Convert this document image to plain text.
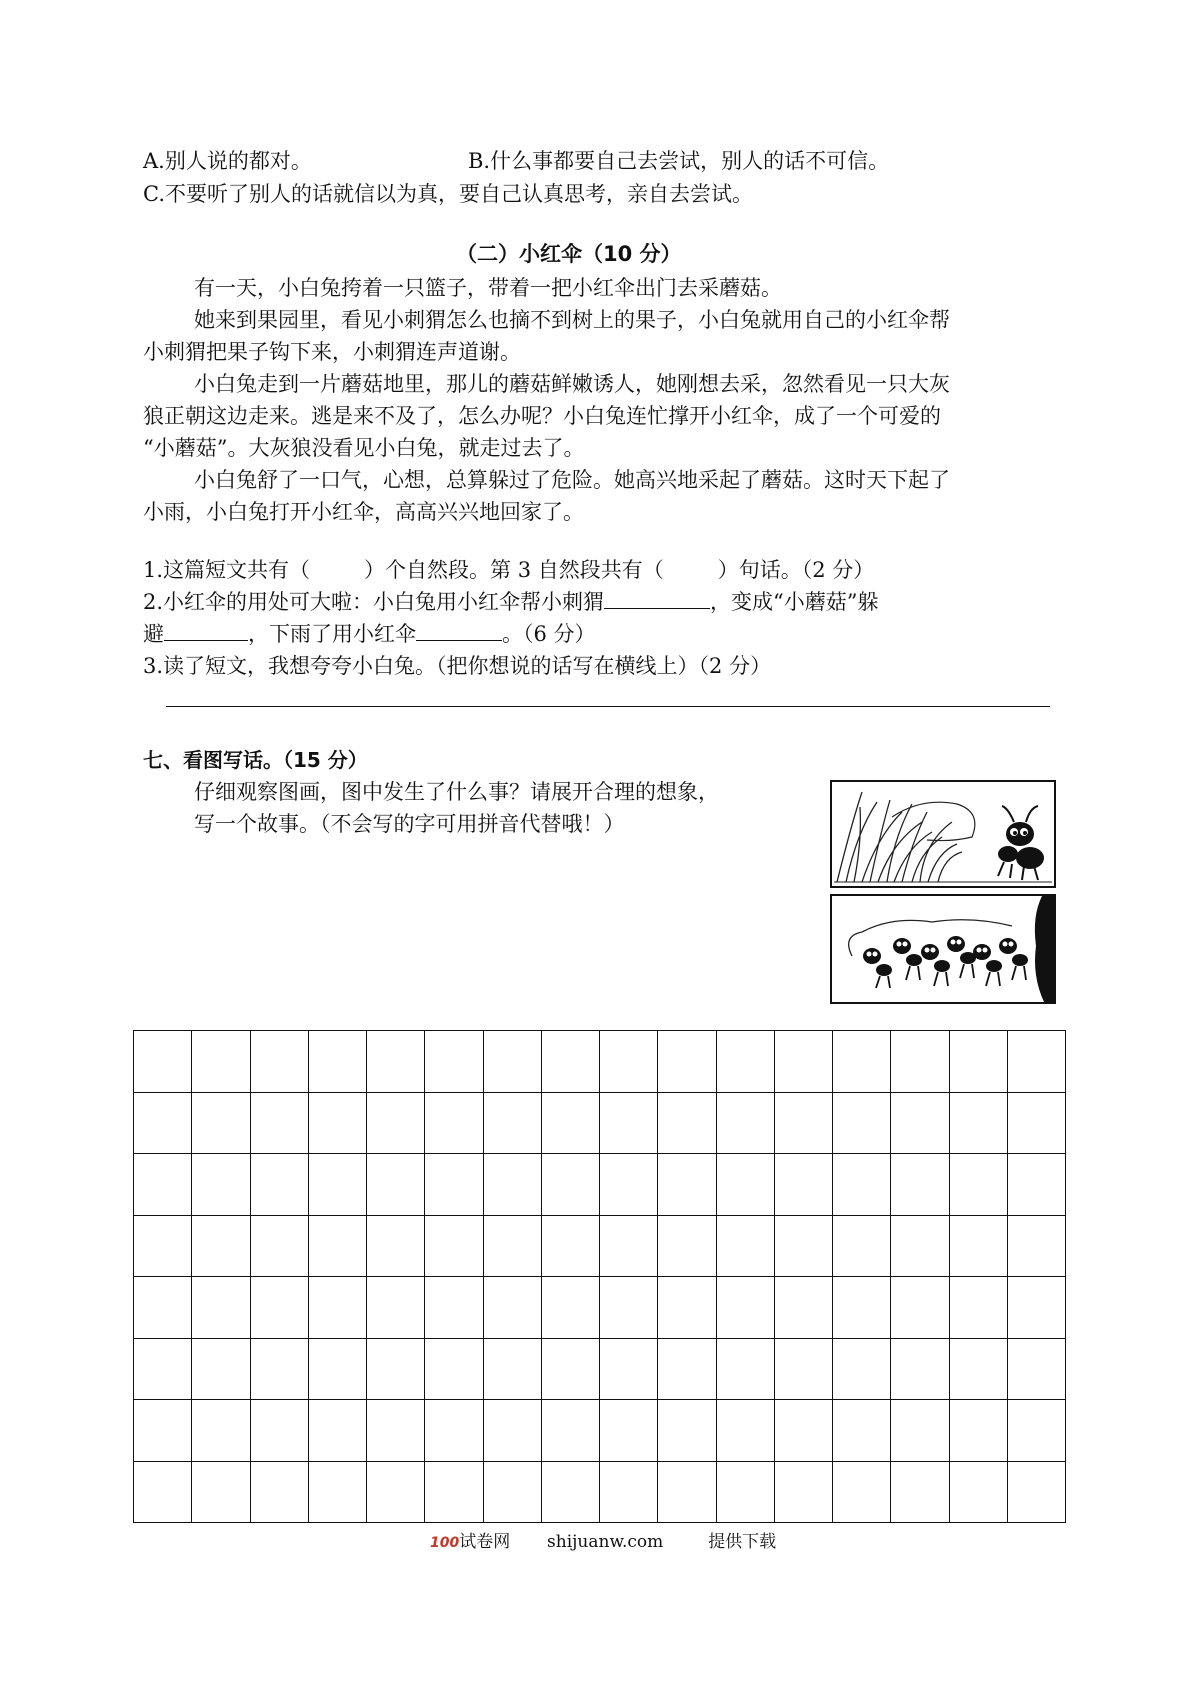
A.别人说的都对。	B.什么事都要自己去尝试，别人的话不可信。
C.不要听了别人的话就信以为真，要自己认真思考，亲自去尝试。
（二）小红伞（10 分）
有一天，小白兔挎着一只篮子，带着一把小红伞出门去采蘑菇。
她来到果园里，看见小刺猬怎么也摘不到树上的果子，小白兔就用自己的小红伞帮
小刺猬把果子钩下来，小刺猬连声道谢。
小白兔走到一片蘑菇地里，那儿的蘑菇鲜嫩诱人，她刚想去采，忽然看见一只大灰
狼正朝这边走来。逃是来不及了，怎么办呢？小白兔连忙撑开小红伞，成了一个可爱的
“小蘑菇”。大灰狼没看见小白兔，就走过去了。
小白兔舒了一口气，心想，总算躲过了危险。她高兴地采起了蘑菇。这时天下起了
小雨，小白兔打开小红伞，高高兴兴地回家了。
1.这篇短文共有（	）个自然段。第 3 自然段共有（	）句话。（2 分）
2.小红伞的用处可大啦：小白兔用小红伞帮小刺猬	，变成“小蘑菇”躲
避	，下雨了用小红伞	。（6 分）
3.读了短文，我想夸夸小白兔。（把你想说的话写在横线上）（2 分）
七、看图写话。（15 分）
仔细观察图画，图中发生了什么事？请展开合理的想象，
写一个故事。（不会写的字可用拼音代替哦！）
100试卷网 shijuanw.com	提供下载
